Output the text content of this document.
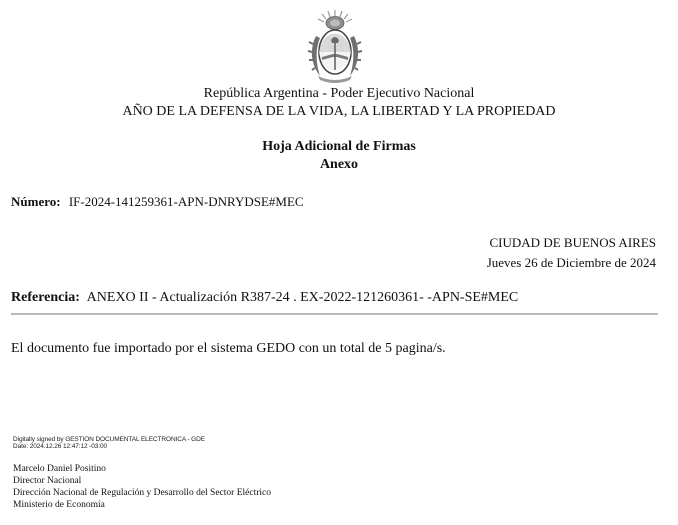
República Argentina - Poder Ejecutivo Nacional
AÑO DE LA DEFENSA DE LA VIDA, LA LIBERTAD Y LA PROPIEDAD
Hoja Adicional de Firmas
Anexo
Número: IF-2024-141259361-APN-DNRYDSE#MEC
CIUDAD DE BUENOS AIRES
Jueves 26 de Diciembre de 2024
Referencia: ANEXO II - Actualización R387-24 . EX-2022-121260361- -APN-SE#MEC
El documento fue importado por el sistema GEDO con un total de 5 pagina/s.
Digitally signed by GESTION DOCUMENTAL ELECTRONICA - GDE
Date: 2024.12.26 12:47:12 -03:00
Marcelo Daniel Positino
Director Nacional
Dirección Nacional de Regulación y Desarrollo del Sector Eléctrico
Ministerio de Economía
